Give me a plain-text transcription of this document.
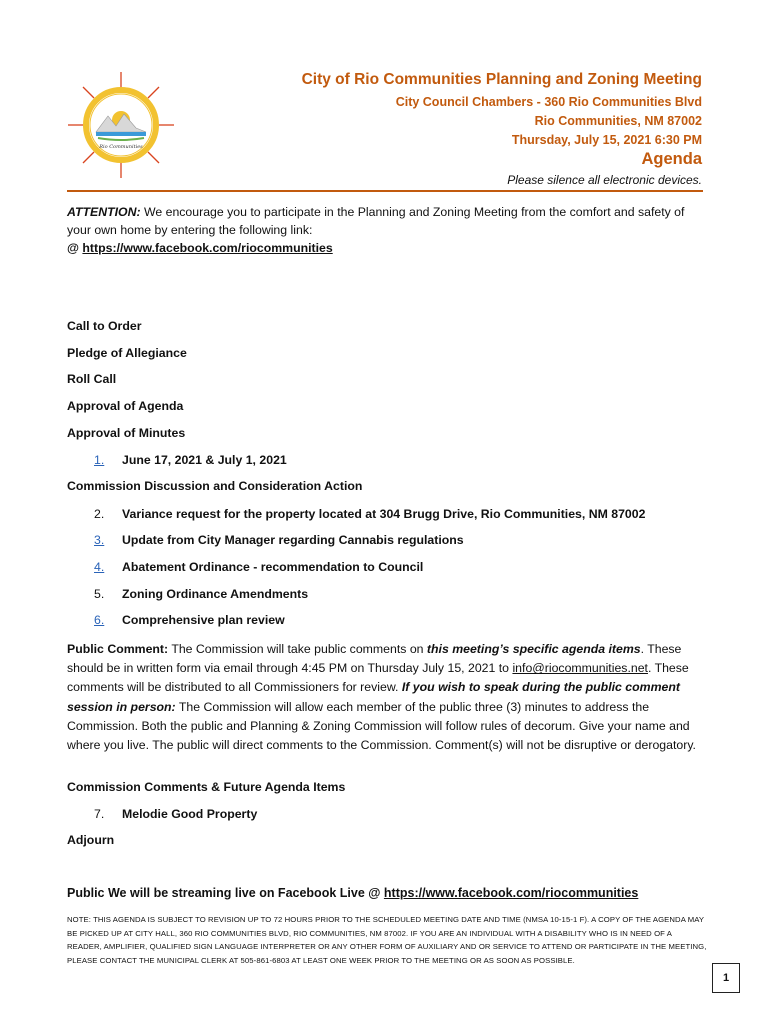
Rio Communities
City of Rio Communities Planning and Zoning Meeting
City Council Chambers - 360 Rio Communities Blvd
Rio Communities, NM 87002
Thursday, July 15, 2021 6:30 PM
Agenda
Please silence all electronic devices.
ATTENTION: We encourage you to participate in the Planning and Zoning Meeting from the comfort and safety of your own home by entering the following link:
@ https://www.facebook.com/riocommunities
Call to Order
Pledge of Allegiance
Roll Call
Approval of Agenda
Approval of Minutes
1. June 17, 2021 & July 1, 2021
Commission Discussion and Consideration Action
2. Variance request for the property located at 304 Brugg Drive, Rio Communities, NM 87002
3. Update from City Manager regarding Cannabis regulations
4. Abatement Ordinance - recommendation to Council
5. Zoning Ordinance Amendments
6. Comprehensive plan review
Public Comment: The Commission will take public comments on this meeting’s specific agenda items. These should be in written form via email through 4:45 PM on Thursday July 15, 2021 to info@riocommunities.net. These comments will be distributed to all Commissioners for review. If you wish to speak during the public comment session in person: The Commission will allow each member of the public three (3) minutes to address the Commission. Both the public and Planning & Zoning Commission will follow rules of decorum. Give your name and where you live. The public will direct comments to the Commission. Comment(s) will not be disruptive or derogatory.
Commission Comments & Future Agenda Items
7. Melodie Good Property
Adjourn
Public We will be streaming live on Facebook Live @ https://www.facebook.com/riocommunities
NOTE: THIS AGENDA IS SUBJECT TO REVISION UP TO 72 HOURS PRIOR TO THE SCHEDULED MEETING DATE AND TIME (NMSA 10-15-1 F). A COPY OF THE AGENDA MAY BE PICKED UP AT CITY HALL, 360 RIO COMMUNITIES BLVD, RIO COMMUNITIES, NM 87002. IF YOU ARE AN INDIVIDUAL WITH A DISABILITY WHO IS IN NEED OF A READER, AMPLIFIER, QUALIFIED SIGN LANGUAGE INTERPRETER OR ANY OTHER FORM OF AUXILIARY AND OR SERVICE TO ATTEND OR PARTICIPATE IN THE MEETING, PLEASE CONTACT THE MUNICIPAL CLERK AT 505-861-6803 AT LEAST ONE WEEK PRIOR TO THE MEETING OR AS SOON AS POSSIBLE.
1
